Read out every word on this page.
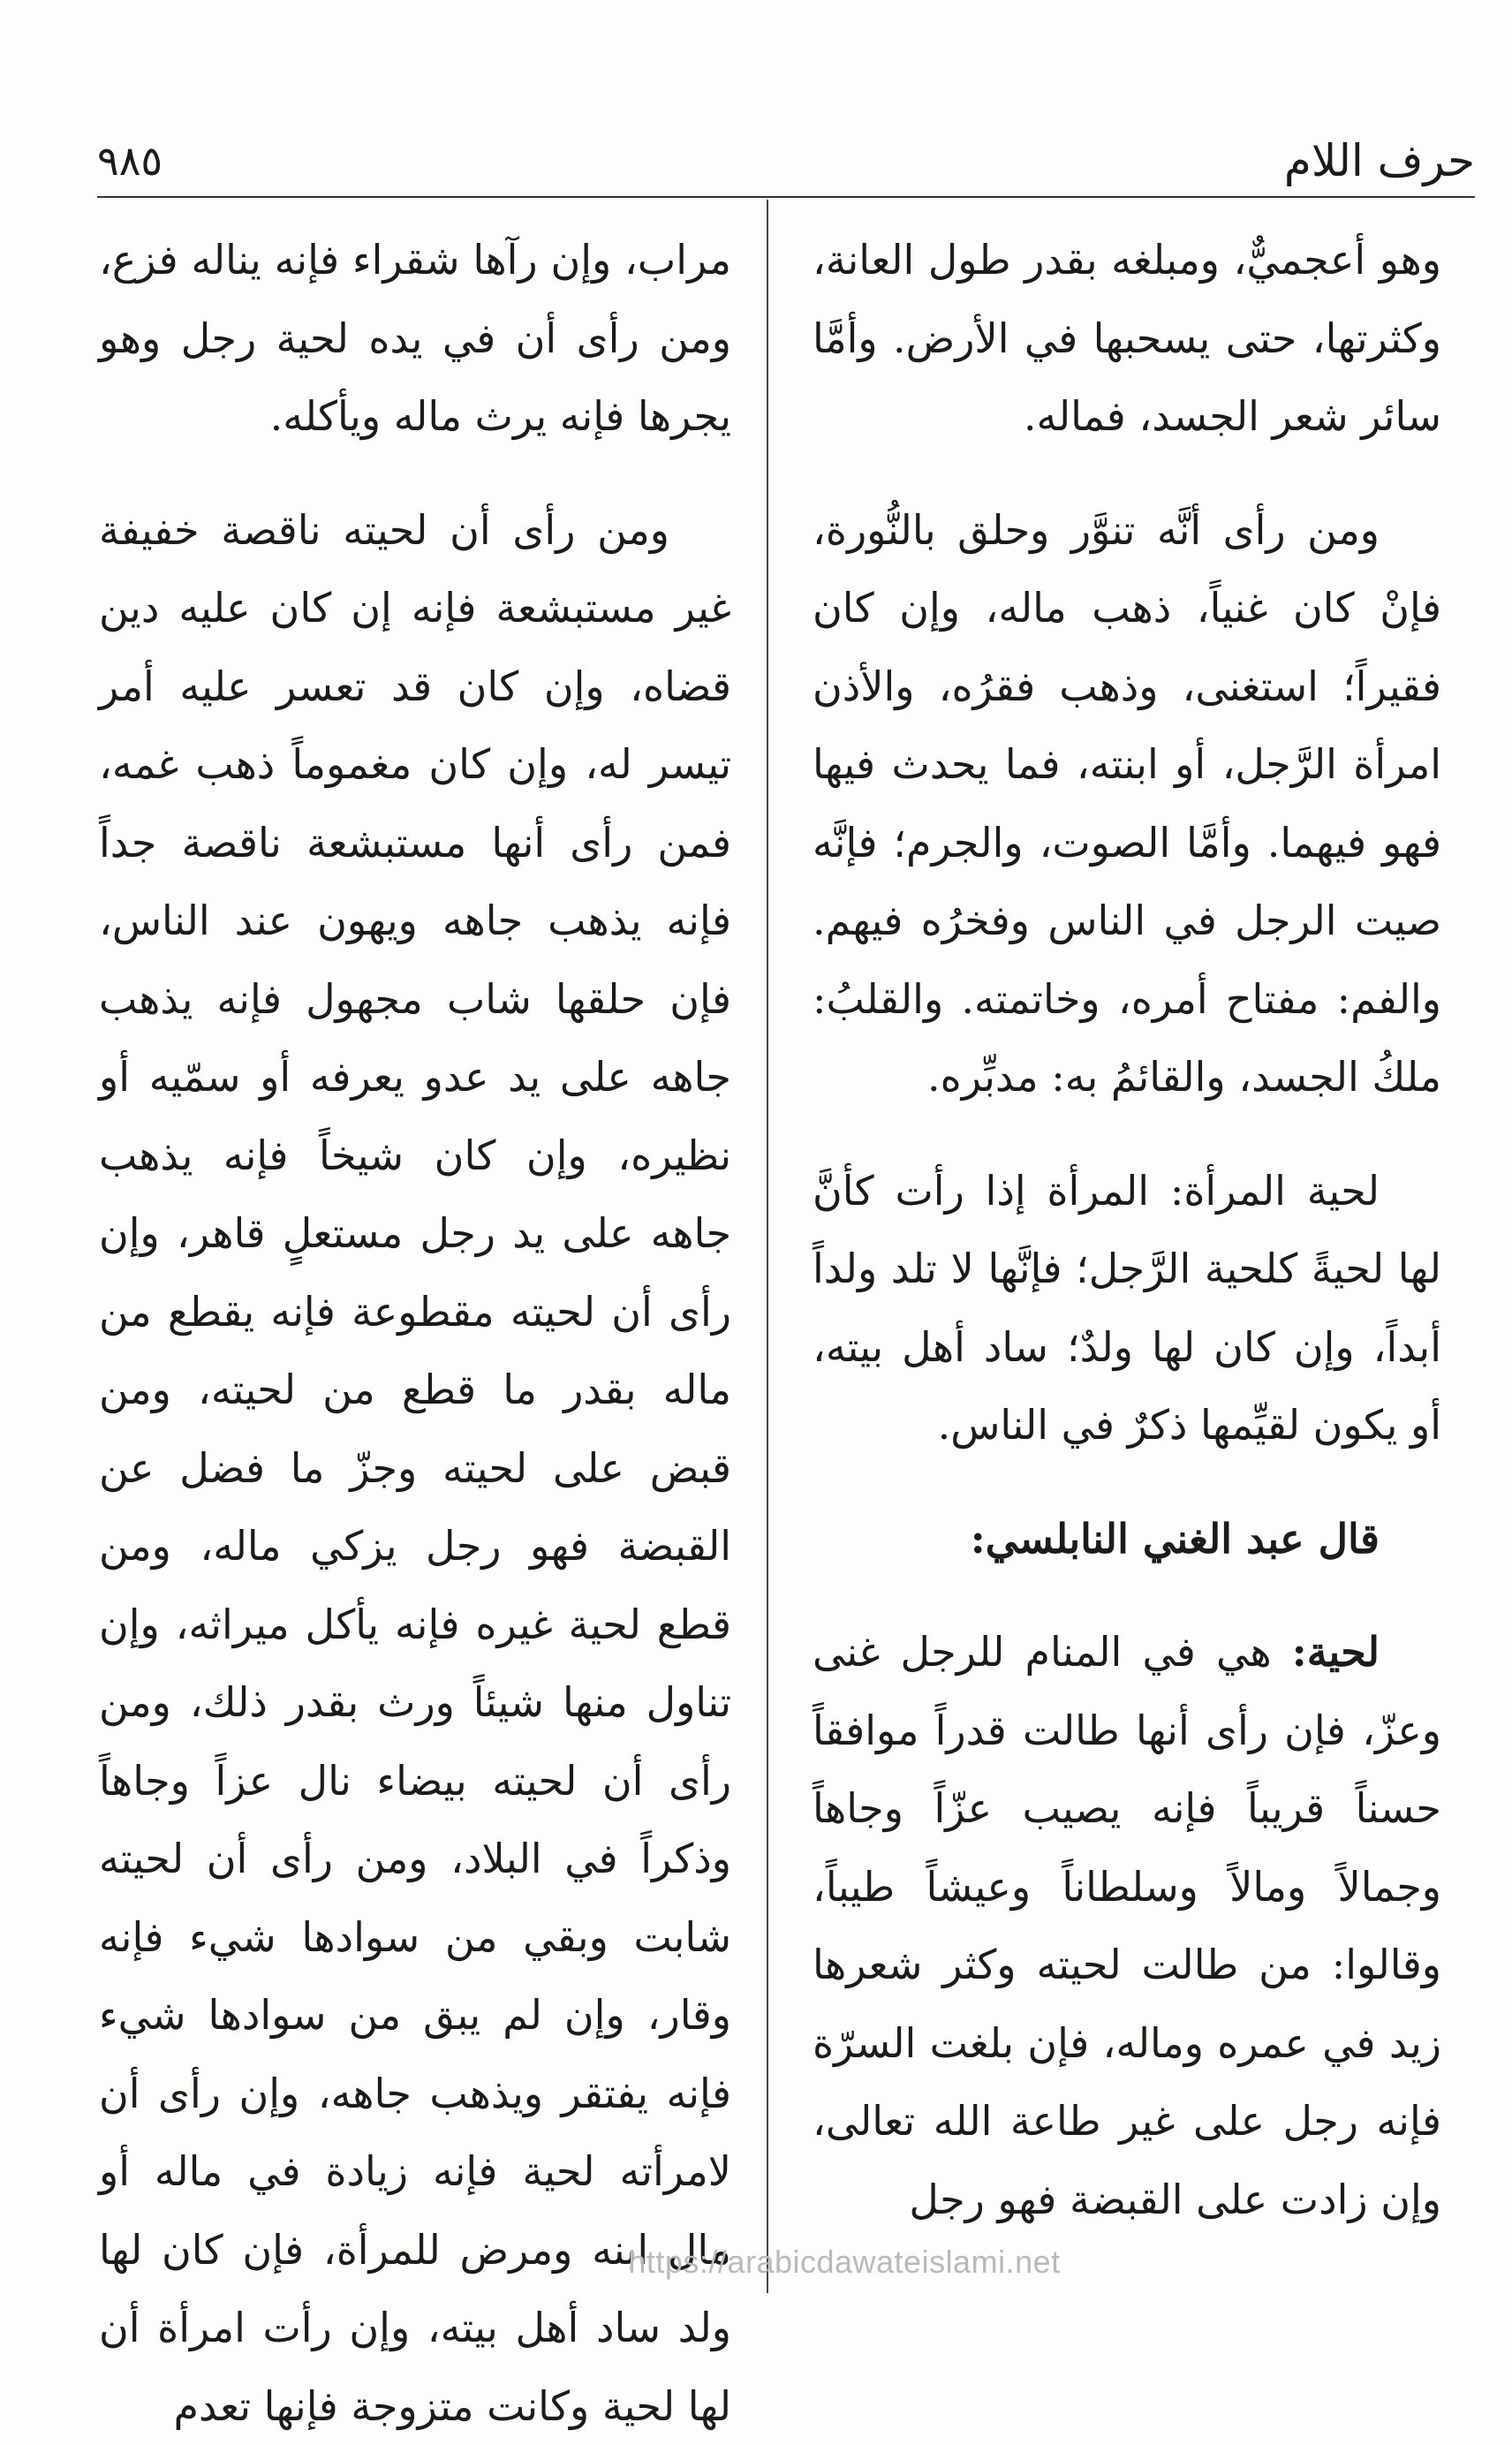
حرف اللام
٩٨٥

وهو أعجميٌّ، ومبلغه بقدر طول العانة، وكثرتها، حتى يسحبها في الأرض. وأمَّا سائر شعر الجسد، فماله.

ومن رأى أنَّه تنوَّر وحلق بالنُّورة، فإنْ كان غنياً، ذهب ماله، وإن كان فقيراً؛ استغنى، وذهب فقرُه، والأذن امرأة الرَّجل، أو ابنته، فما يحدث فيها فهو فيهما. وأمَّا الصوت، والجرم؛ فإنَّه صيت الرجل في الناس وفخرُه فيهم. والفم: مفتاح أمره، وخاتمته. والقلبُ: ملكُ الجسد، والقائمُ به: مدبِّره.

لحية المرأة: المرأة إذا رأت كأنَّ لها لحيةً كلحية الرَّجل؛ فإنَّها لا تلد ولداً أبداً، وإن كان لها ولدٌ؛ ساد أهل بيته، أو يكون لقيِّمها ذكرٌ في الناس.

قال عبد الغني النابلسي:

لحية: هي في المنام للرجل غنى وعزّ، فإن رأى أنها طالت قدراً موافقاً حسناً قريباً فإنه يصيب عزّاً وجاهاً وجمالاً ومالاً وسلطاناً وعيشاً طيباً، وقالوا: من طالت لحيته وكثر شعرها زيد في عمره وماله، فإن بلغت السرّة فإنه رجل على غير طاعة الله تعالى، وإن زادت على القبضة فهو رجل

مراب، وإن رآها شقراء فإنه يناله فزع، ومن رأى أن في يده لحية رجل وهو يجرها فإنه يرث ماله ويأكله.

ومن رأى أن لحيته ناقصة خفيفة غير مستبشعة فإنه إن كان عليه دين قضاه، وإن كان قد تعسر عليه أمر تيسر له، وإن كان مغموماً ذهب غمه، فمن رأى أنها مستبشعة ناقصة جداً فإنه يذهب جاهه ويهون عند الناس، فإن حلقها شاب مجهول فإنه يذهب جاهه على يد عدو يعرفه أو سمّيه أو نظيره، وإن كان شيخاً فإنه يذهب جاهه على يد رجل مستعلٍ قاهر، وإن رأى أن لحيته مقطوعة فإنه يقطع من ماله بقدر ما قطع من لحيته، ومن قبض على لحيته وجزّ ما فضل عن القبضة فهو رجل يزكي ماله، ومن قطع لحية غيره فإنه يأكل ميراثه، وإن تناول منها شيئاً ورث بقدر ذلك، ومن رأى أن لحيته بيضاء نال عزاً وجاهاً وذكراً في البلاد، ومن رأى أن لحيته شابت وبقي من سوادها شيء فإنه وقار، وإن لم يبق من سوادها شيء فإنه يفتقر ويذهب جاهه، وإن رأى أن لامرأته لحية فإنه زيادة في ماله أو مال ابنه ومرض للمرأة، فإن كان لها ولد ساد أهل بيته، وإن رأت امرأة أن لها لحية وكانت متزوجة فإنها تعدم

https://arabicdawateislami.net
